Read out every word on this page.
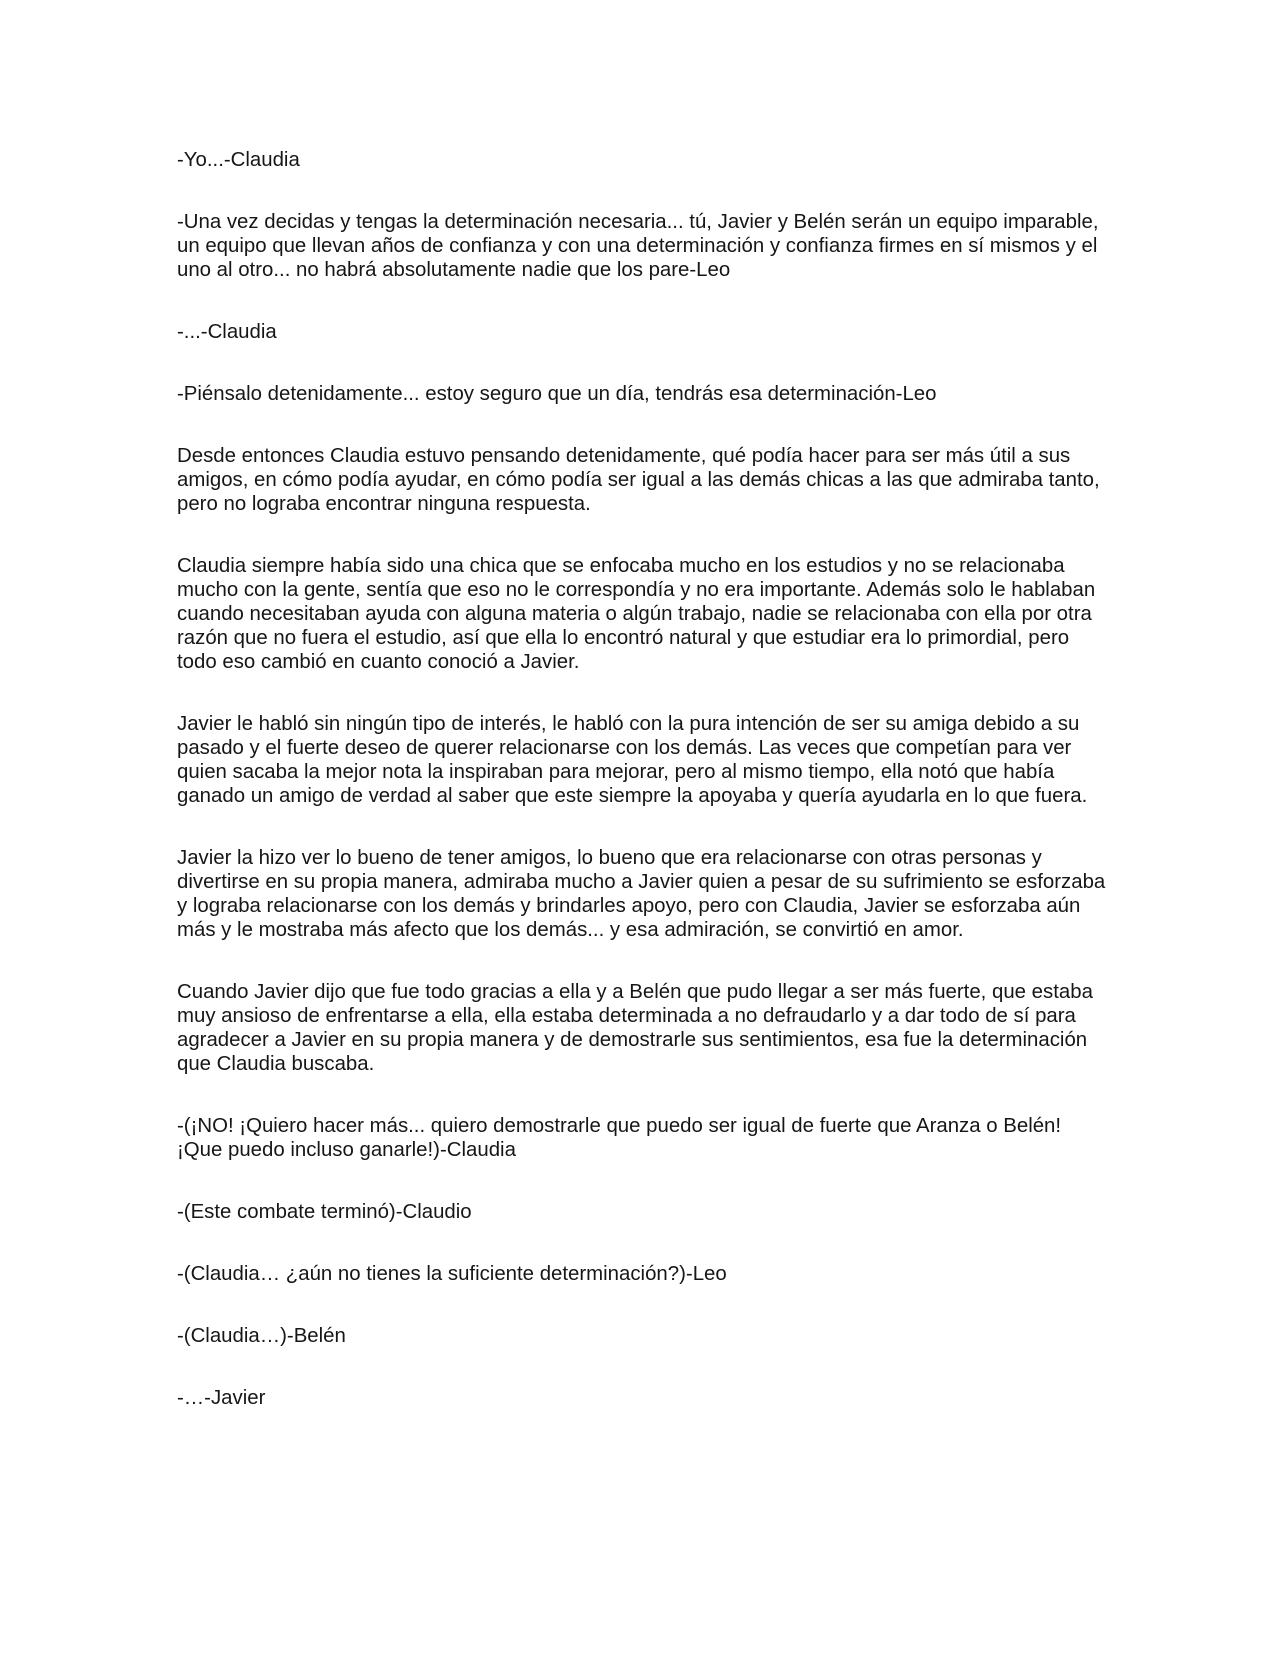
-Yo...-Claudia

-Una vez decidas y tengas la determinación necesaria... tú, Javier y Belén serán un equipo imparable, un equipo que llevan años de confianza y con una determinación y confianza firmes en sí mismos y el uno al otro... no habrá absolutamente nadie que los pare-Leo

-...-Claudia

-Piénsalo detenidamente... estoy seguro que un día, tendrás esa determinación-Leo

Desde entonces Claudia estuvo pensando detenidamente, qué podía hacer para ser más útil a sus amigos, en cómo podía ayudar, en cómo podía ser igual a las demás chicas a las que admiraba tanto, pero no lograba encontrar ninguna respuesta.

Claudia siempre había sido una chica que se enfocaba mucho en los estudios y no se relacionaba mucho con la gente, sentía que eso no le correspondía y no era importante. Además solo le hablaban cuando necesitaban ayuda con alguna materia o algún trabajo, nadie se relacionaba con ella por otra razón que no fuera el estudio, así que ella lo encontró natural y que estudiar era lo primordial, pero todo eso cambió en cuanto conoció a Javier.

Javier le habló sin ningún tipo de interés, le habló con la pura intención de ser su amiga debido a su pasado y el fuerte deseo de querer relacionarse con los demás. Las veces que competían para ver quien sacaba la mejor nota la inspiraban para mejorar, pero al mismo tiempo, ella notó que había ganado un amigo de verdad al saber que este siempre la apoyaba y quería ayudarla en lo que fuera.

Javier la hizo ver lo bueno de tener amigos, lo bueno que era relacionarse con otras personas y divertirse en su propia manera, admiraba mucho a Javier quien a pesar de su sufrimiento se esforzaba y lograba relacionarse con los demás y brindarles apoyo, pero con Claudia, Javier se esforzaba aún más y le mostraba más afecto que los demás... y esa admiración, se convirtió en amor.

Cuando Javier dijo que fue todo gracias a ella y a Belén que pudo llegar a ser más fuerte, que estaba muy ansioso de enfrentarse a ella, ella estaba determinada a no defraudarlo y a dar todo de sí para agradecer a Javier en su propia manera y de demostrarle sus sentimientos, esa fue la determinación que Claudia buscaba.

-(¡NO! ¡Quiero hacer más... quiero demostrarle que puedo ser igual de fuerte que Aranza o Belén! ¡Que puedo incluso ganarle!)-Claudia

-(Este combate terminó)-Claudio

-(Claudia… ¿aún no tienes la suficiente determinación?)-Leo

-(Claudia…)-Belén

-…-Javier
